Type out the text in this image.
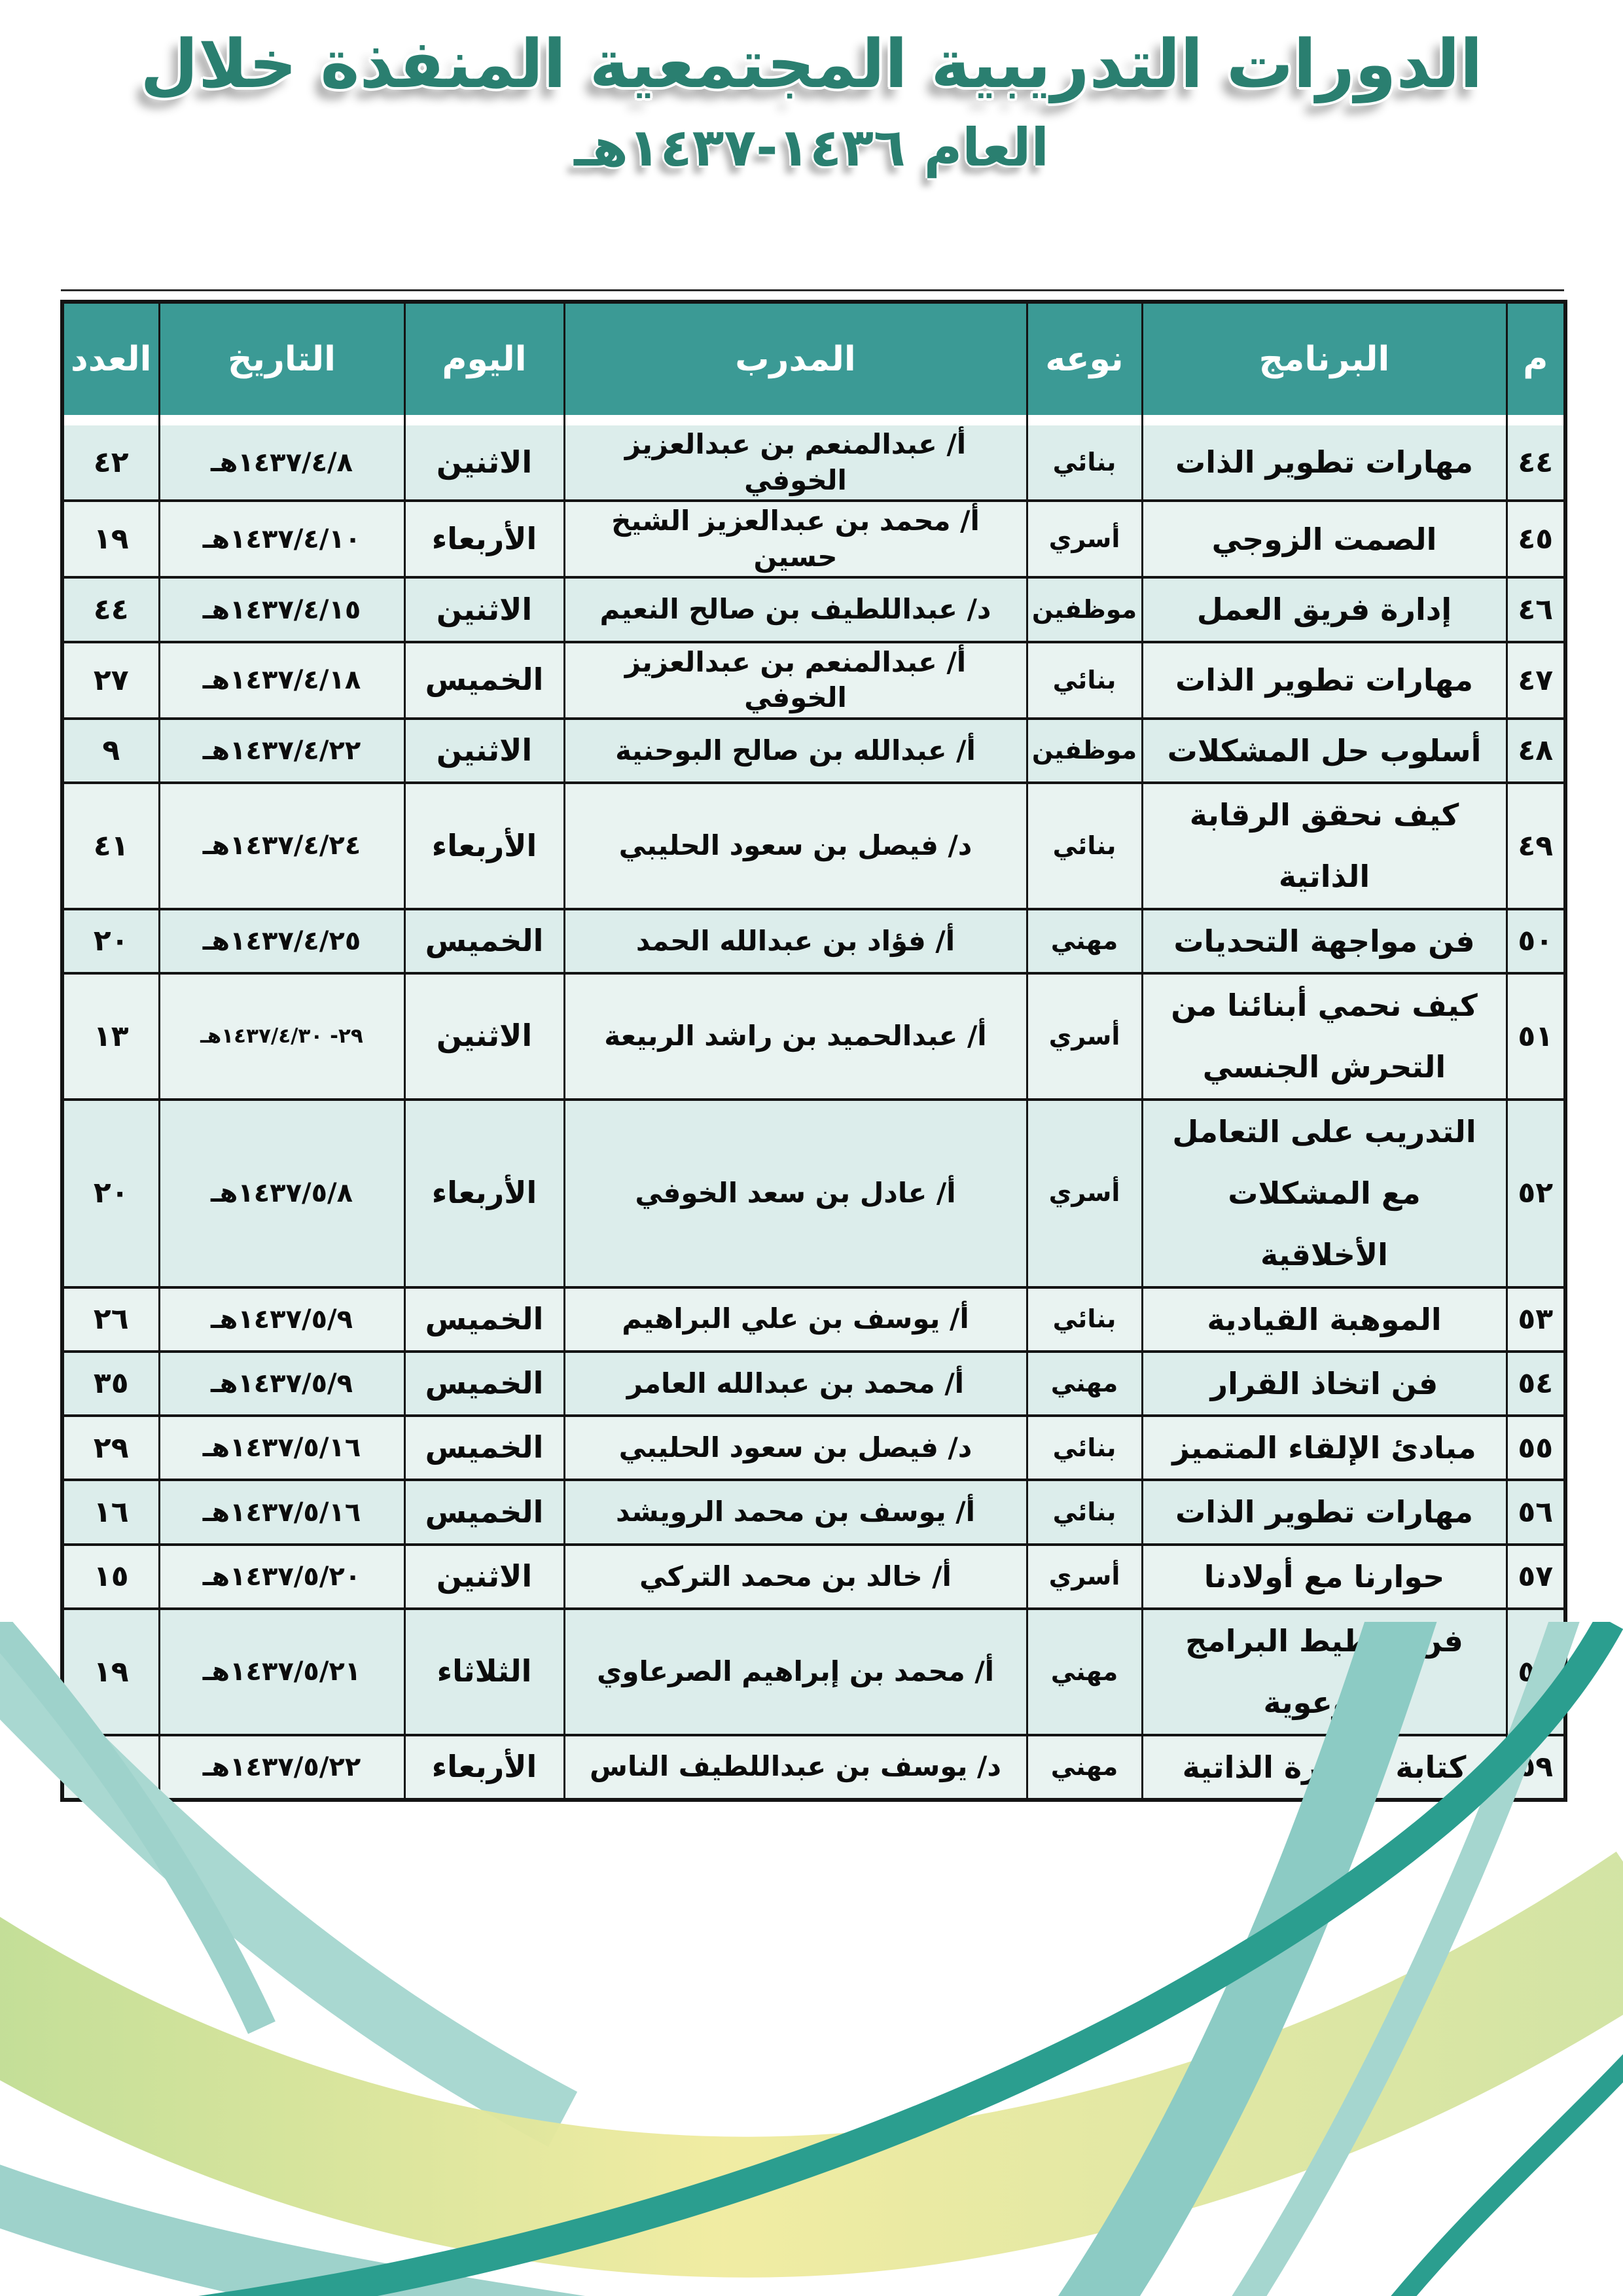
الدورات التدريبية المجتمعية المنفذة خلال
العام ١٤٣٦-١٤٣٧هـ
م	البرنامج	نوعه	المدرب	اليوم	التاريخ	العدد

٤٤	مهارات تطوير الذات	بنائي	أ/ عبدالمنعم بن عبدالعزيز الخوفي	الاثنين	١٤٣٧/٤/٨هـ	٤٢
٤٥	الصمت الزوجي	أسري	أ/ محمد بن عبدالعزيز الشيخ حسين	الأربعاء	١٤٣٧/٤/١٠هـ	١٩
٤٦	إدارة فريق العمل	موظفين	د/ عبداللطيف بن صالح النعيم	الاثنين	١٤٣٧/٤/١٥هـ	٤٤
٤٧	مهارات تطوير الذات	بنائي	أ/ عبدالمنعم بن عبدالعزيز الخوفي	الخميس	١٤٣٧/٤/١٨هـ	٢٧
٤٨	أسلوب حل المشكلات	موظفين	أ/ عبدالله بن صالح البوحنية	الاثنين	١٤٣٧/٤/٢٢هـ	٩
٤٩	كيف نحقق الرقابة الذاتية	بنائي	د/ فيصل بن سعود الحليبي	الأربعاء	١٤٣٧/٤/٢٤هـ	٤١
٥٠	فن مواجهة التحديات	مهني	أ/ فؤاد بن عبدالله الحمد	الخميس	١٤٣٧/٤/٢٥هـ	٢٠
٥١	كيف نحمي أبنائنا من التحرش الجنسي	أسري	أ/ عبدالحميد بن راشد الربيعة	الاثنين	٢٩- ١٤٣٧/٤/٣٠هـ	١٣
٥٢	التدريب على التعامل مع المشكلات الأخلاقية	أسري	أ/ عادل بن سعد الخوفي	الأربعاء	١٤٣٧/٥/٨هـ	٢٠
٥٣	الموهبة القيادية	بنائي	أ/ يوسف بن علي البراهيم	الخميس	١٤٣٧/٥/٩هـ	٢٦
٥٤	فن اتخاذ القرار	مهني	أ/ محمد بن عبدالله العامر	الخميس	١٤٣٧/٥/٩هـ	٣٥
٥٥	مبادئ الإلقاء المتميز	بنائي	د/ فيصل بن سعود الحليبي	الخميس	١٤٣٧/٥/١٦هـ	٢٩
٥٦	مهارات تطوير الذات	بنائي	أ/ يوسف بن محمد الرويشد	الخميس	١٤٣٧/٥/١٦هـ	١٦
٥٧	حوارنا مع أولادنا	أسري	أ/ خالد بن محمد التركي	الاثنين	١٤٣٧/٥/٢٠هـ	١٥
٥٨	فن تخطيط البرامج التوعوية	مهني	أ/ محمد بن إبراهيم الصرعاوي	الثلاثاء	١٤٣٧/٥/٢١هـ	١٩
٥٩	كتابة السيرة الذاتية	مهني	د/ يوسف بن عبداللطيف الناس	الأربعاء	١٤٣٧/٥/٢٢هـ	٢٤
